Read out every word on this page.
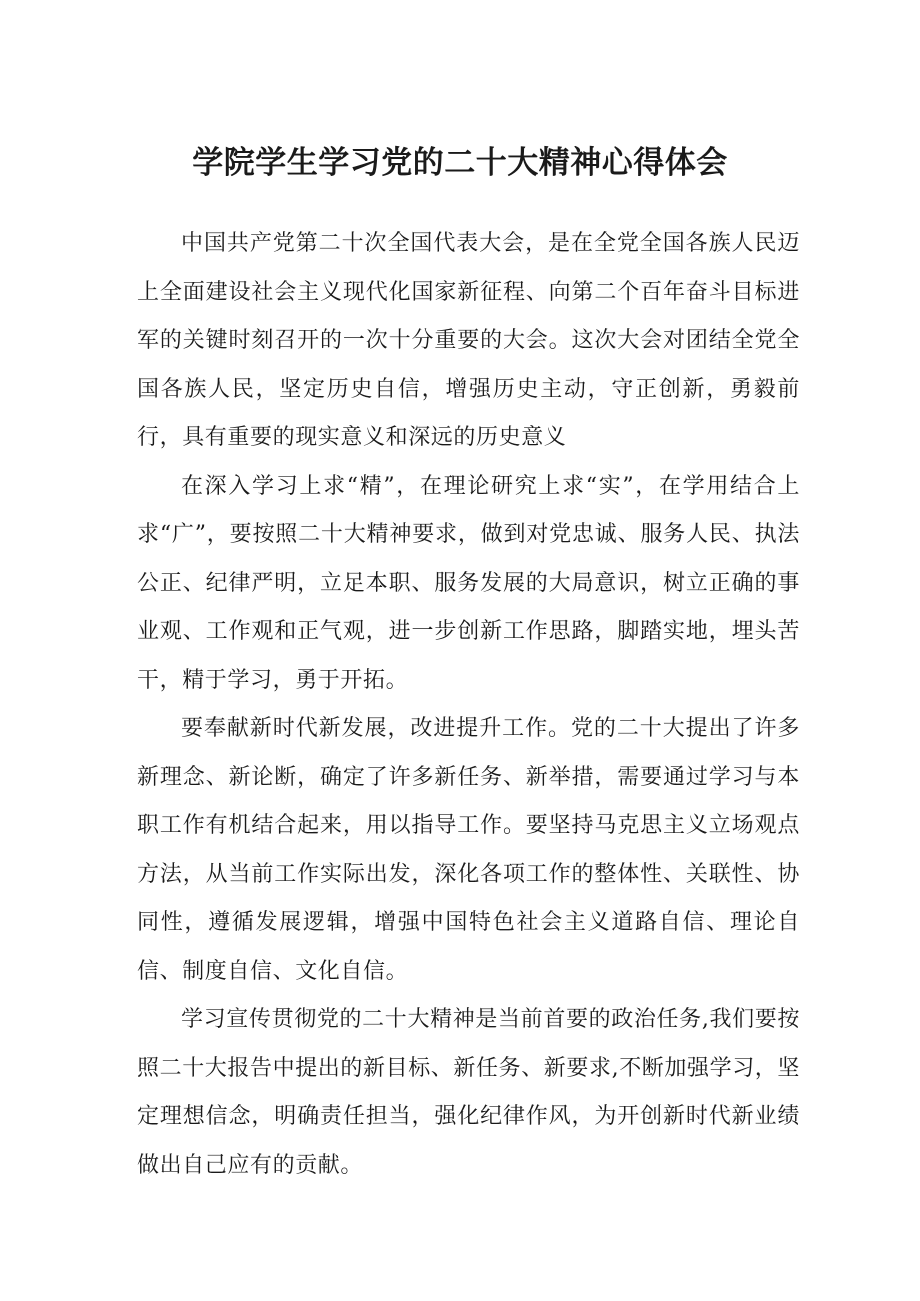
学院学生学习党的二十大精神心得体会

中国共产党第二十次全国代表大会，是在全党全国各族人民迈上全面建设社会主义现代化国家新征程、向第二个百年奋斗目标进军的关键时刻召开的一次十分重要的大会。这次大会对团结全党全国各族人民，坚定历史自信，增强历史主动，守正创新，勇毅前行，具有重要的现实意义和深远的历史意义

在深入学习上求“精”，在理论研究上求“实”，在学用结合上求“广”，要按照二十大精神要求，做到对党忠诚、服务人民、执法公正、纪律严明，立足本职、服务发展的大局意识，树立正确的事业观、工作观和正气观，进一步创新工作思路，脚踏实地，埋头苦干，精于学习，勇于开拓。

要奉献新时代新发展，改进提升工作。党的二十大提出了许多新理念、新论断，确定了许多新任务、新举措，需要通过学习与本职工作有机结合起来，用以指导工作。要坚持马克思主义立场观点方法，从当前工作实际出发，深化各项工作的整体性、关联性、协同性，遵循发展逻辑，增强中国特色社会主义道路自信、理论自信、制度自信、文化自信。

学习宣传贯彻党的二十大精神是当前首要的政治任务,我们要按照二十大报告中提出的新目标、新任务、新要求,不断加强学习，坚定理想信念，明确责任担当，强化纪律作风，为开创新时代新业绩做出自己应有的贡献。
